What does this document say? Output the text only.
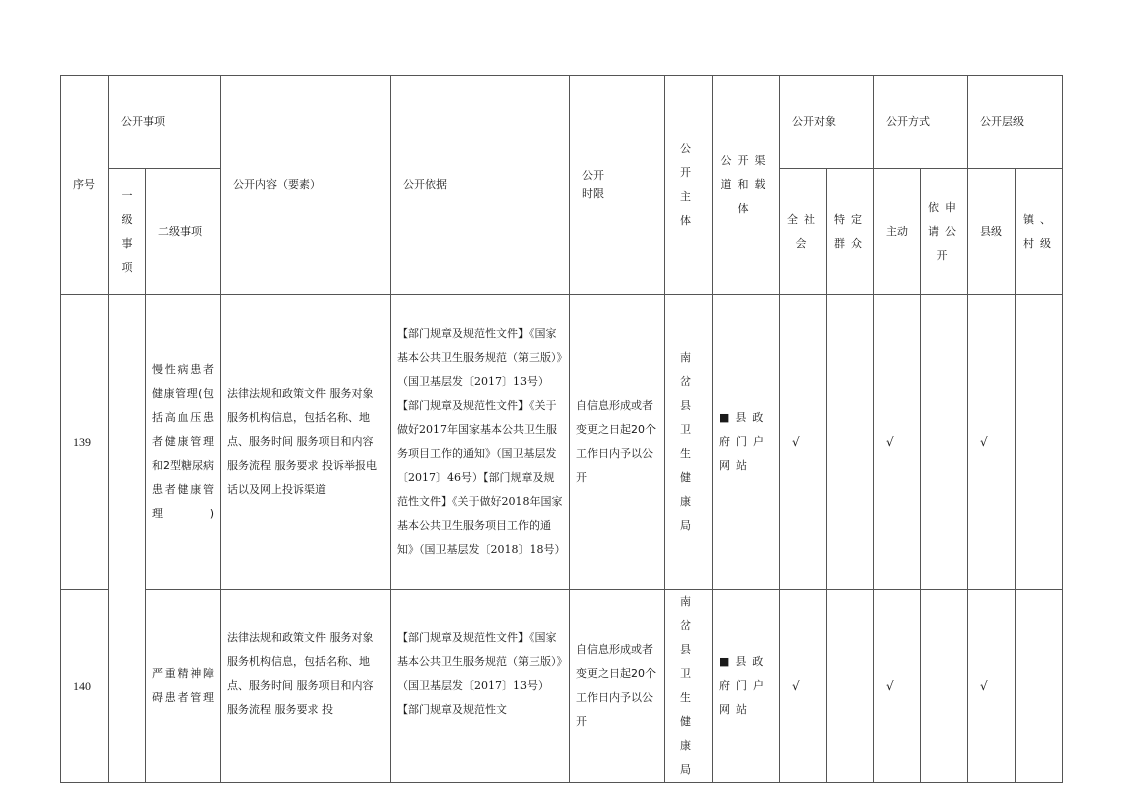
序号	公开事项		公开内容（要素）	公开依据	公开时限	公开主体	公开渠道和载体	公开对象		公开方式		公开层级	

	一级事项	二级事项						全社会	特定群众	主动	依申请公开	县级	镇、村级

139		慢性病患者健康管理(包括高血压患者健康管理和2型糖尿病患者健康管理)	法律法规和政策文件 服务对象 服务机构信息，包括名称、地点、服务时间 服务项目和内容 服务流程 服务要求 投诉举报电话以及网上投诉渠道	【部门规章及规范性文件】《国家基本公共卫生服务规范（第三版）》（国卫基层发〔2017〕13号）【部门规章及规范性文件】《关于做好2017年国家基本公共卫生服务项目工作的通知》（国卫基层发〔2017〕46号）【部门规章及规范性文件】《关于做好2018年国家基本公共卫生服务项目工作的通知》（国卫基层发〔2018〕18号）	自信息形成或者变更之日起20个工作日内予以公开	南岔县卫生健康局	■县政府门户网站	√		√		√	
140		严重精神障碍患者管理	法律法规和政策文件 服务对象 服务机构信息，包括名称、地点、服务时间 服务项目和内容 服务流程 服务要求 投	【部门规章及规范性文件】《国家基本公共卫生服务规范（第三版）》（国卫基层发〔2017〕13号）【部门规章及规范性文	自信息形成或者变更之日起20个工作日内予以公开	南岔县卫生健康局	■县政府门户网站	√		√		√	
